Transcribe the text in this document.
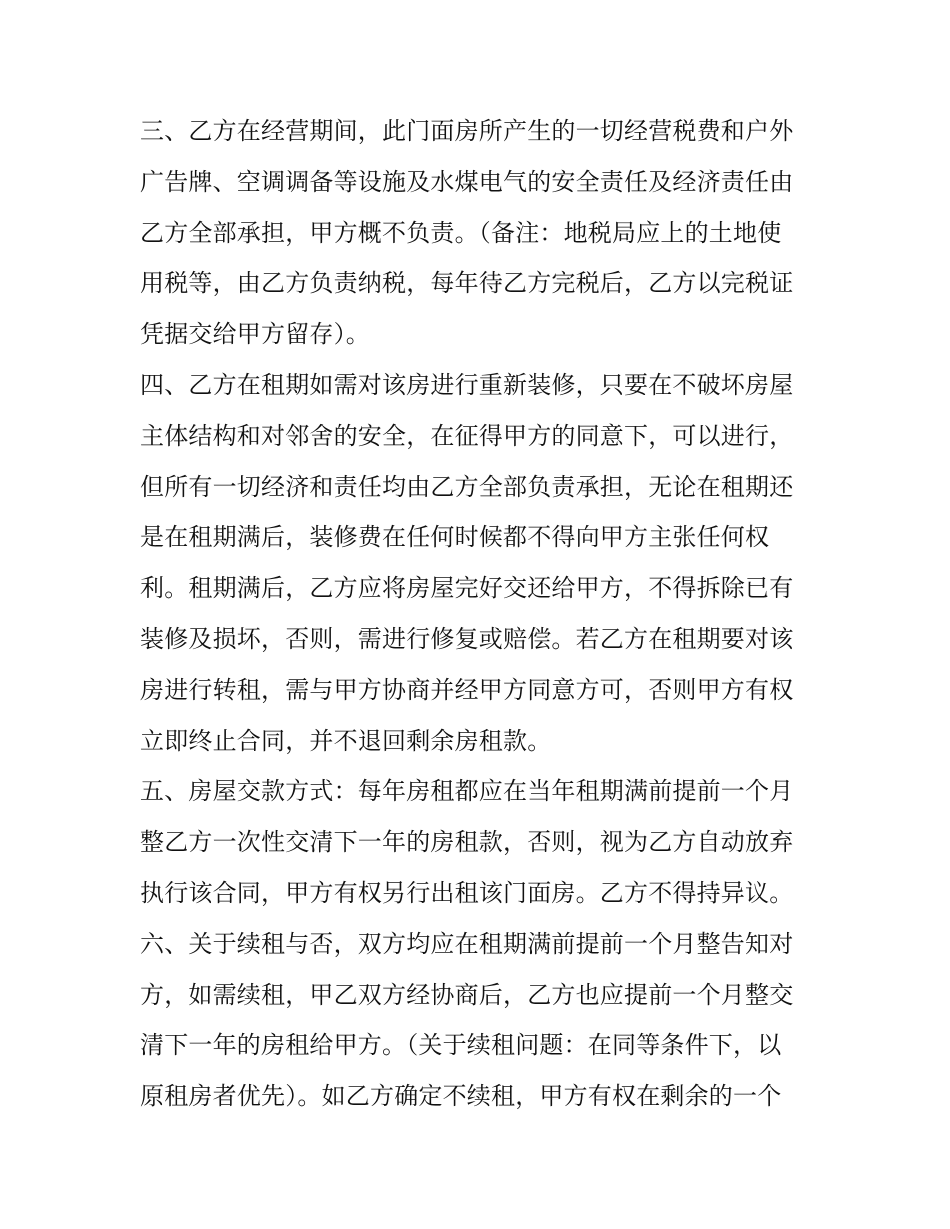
三、乙方在经营期间，此门面房所产生的一切经营税费和户外
广告牌、空调调备等设施及水煤电气的安全责任及经济责任由
乙方全部承担，甲方概不负责。（备注：地税局应上的土地使
用税等，由乙方负责纳税，每年待乙方完税后，乙方以完税证
凭据交给甲方留存）。
四、乙方在租期如需对该房进行重新装修，只要在不破坏房屋
主体结构和对邻舍的安全，在征得甲方的同意下，可以进行，
但所有一切经济和责任均由乙方全部负责承担，无论在租期还
是在租期满后，装修费在任何时候都不得向甲方主张任何权
利。租期满后，乙方应将房屋完好交还给甲方，不得拆除已有
装修及损坏，否则，需进行修复或赔偿。若乙方在租期要对该
房进行转租，需与甲方协商并经甲方同意方可，否则甲方有权
立即终止合同，并不退回剩余房租款。
五、房屋交款方式：每年房租都应在当年租期满前提前一个月
整乙方一次性交清下一年的房租款，否则，视为乙方自动放弃
执行该合同，甲方有权另行出租该门面房。乙方不得持异议。
六、关于续租与否，双方均应在租期满前提前一个月整告知对
方，如需续租，甲乙双方经协商后，乙方也应提前一个月整交
清下一年的房租给甲方。（关于续租问题：在同等条件下，以
原租房者优先）。如乙方确定不续租，甲方有权在剩余的一个
